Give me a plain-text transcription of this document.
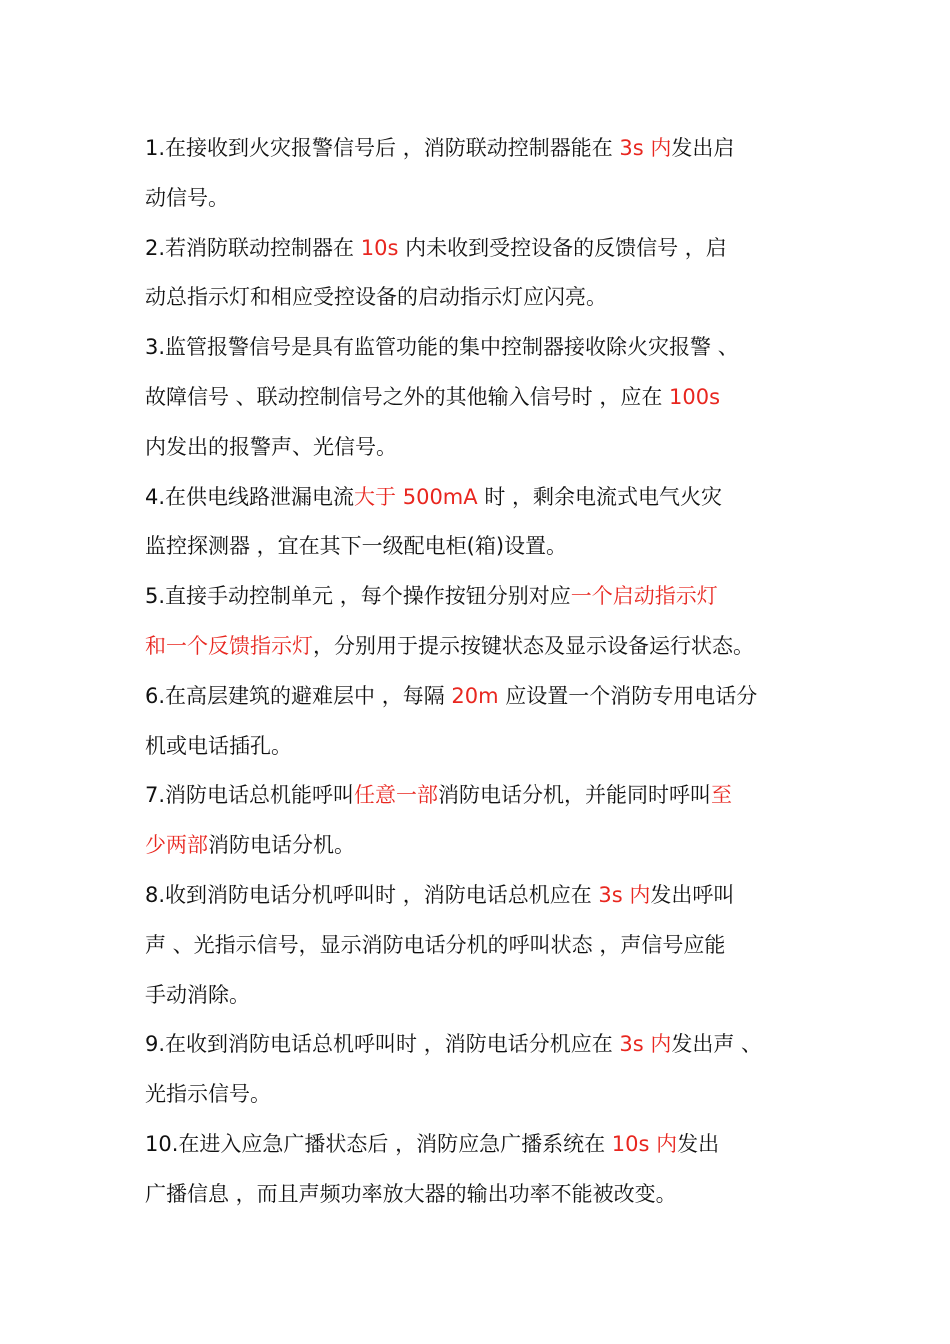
1.在接收到火灾报警信号后 ，消防联动控制器能在 3s 内发出启
动信号。
2.若消防联动控制器在 10s 内未收到受控设备的反馈信号 ，启
动总指示灯和相应受控设备的启动指示灯应闪亮。
3.监管报警信号是具有监管功能的集中控制器接收除火灾报警 、
故障信号 、联动控制信号之外的其他输入信号时 ，应在 100s
内发出的报警声、光信号。
4.在供电线路泄漏电流大于 500mA 时 ，剩余电流式电气火灾
监控探测器 ，宜在其下一级配电柜(箱)设置。
5.直接手动控制单元 ，每个操作按钮分别对应一个启动指示灯
和一个反馈指示灯，分别用于提示按键状态及显示设备运行状态。
6.在高层建筑的避难层中 ，每隔 20m 应设置一个消防专用电话分
机或电话插孔。
7.消防电话总机能呼叫任意一部消防电话分机，并能同时呼叫至
少两部消防电话分机。
8.收到消防电话分机呼叫时 ，消防电话总机应在 3s 内发出呼叫
声 、光指示信号，显示消防电话分机的呼叫状态 ，声信号应能
手动消除。
9.在收到消防电话总机呼叫时 ，消防电话分机应在 3s 内发出声 、
光指示信号。
10.在进入应急广播状态后 ，消防应急广播系统在 10s 内发出
广播信息 ，而且声频功率放大器的输出功率不能被改变。
